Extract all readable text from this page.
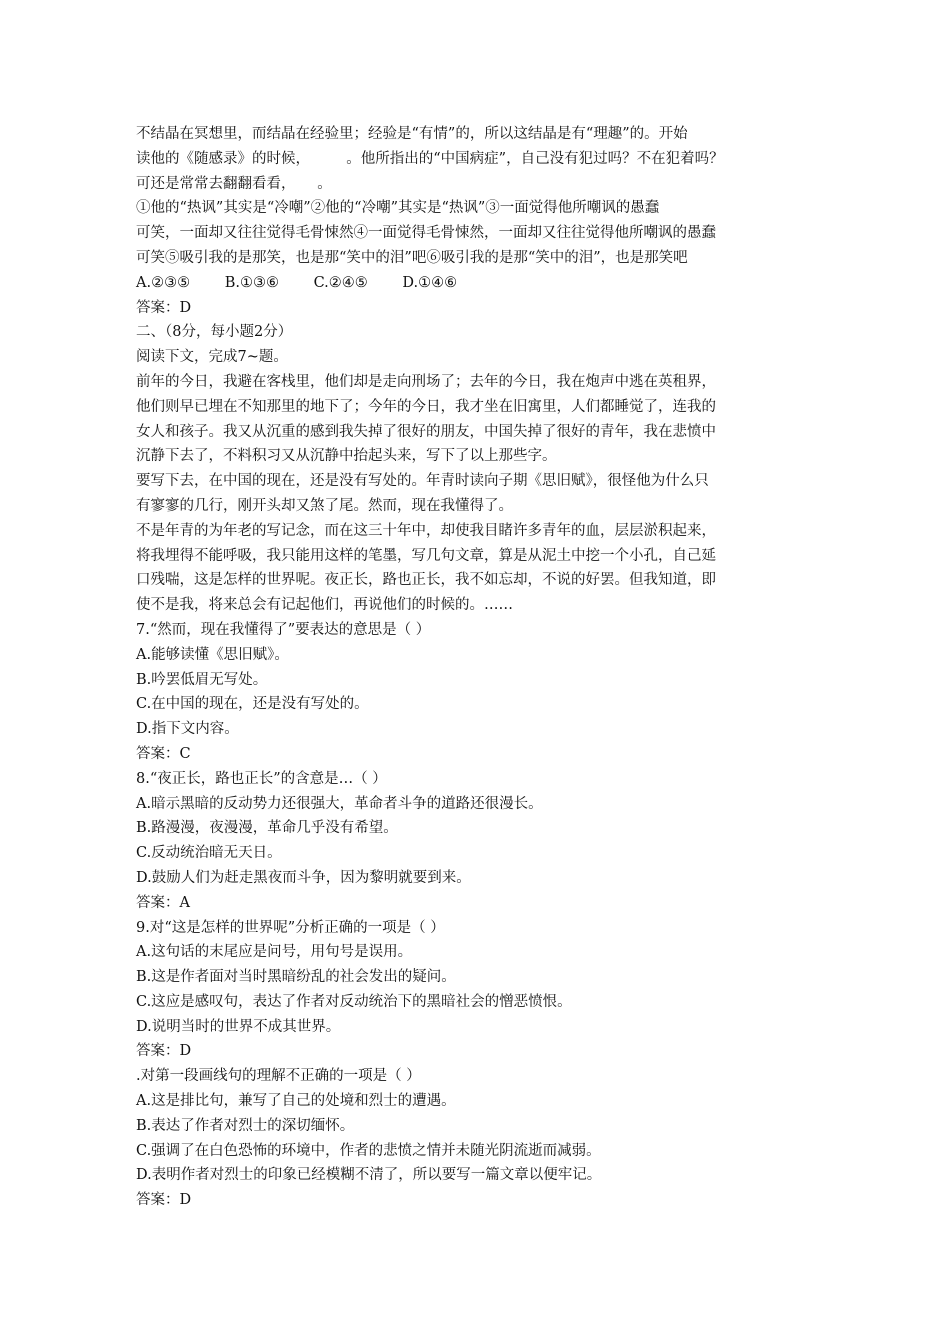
不结晶在冥想里，而结晶在经验里；经验是“有情”的，所以这结晶是有“理趣”的。开始
读他的《随感录》的时候，　　　。他所指出的“中国病症”，自己没有犯过吗？不在犯着吗？
可还是常常去翻翻看看，　　。
①他的“热讽”其实是“冷嘲”②他的“冷嘲”其实是“热讽”③一面觉得他所嘲讽的愚蠢
可笑，一面却又往往觉得毛骨悚然④一面觉得毛骨悚然，一面却又往往觉得他所嘲讽的愚蠢
可笑⑤吸引我的是那笑，也是那“笑中的泪”吧⑥吸引我的是那“笑中的泪”，也是那笑吧
A.②③⑤ B.①③⑥ C.②④⑤ D.①④⑥
答案：D
二、（8分，每小题2分）
阅读下文，完成7~题。
前年的今日，我避在客栈里，他们却是走向刑场了；去年的今日，我在炮声中逃在英租界，
他们则早已埋在不知那里的地下了；今年的今日，我才坐在旧寓里，人们都睡觉了，连我的
女人和孩子。我又从沉重的感到我失掉了很好的朋友，中国失掉了很好的青年，我在悲愤中
沉静下去了，不料积习又从沉静中抬起头来，写下了以上那些字。
要写下去，在中国的现在，还是没有写处的。年青时读向子期《思旧赋》，很怪他为什么只
有寥寥的几行，刚开头却又煞了尾。然而，现在我懂得了。
不是年青的为年老的写记念，而在这三十年中，却使我目睹许多青年的血，层层淤积起来，
将我埋得不能呼吸，我只能用这样的笔墨，写几句文章，算是从泥土中挖一个小孔，自己延
口残喘，这是怎样的世界呢。夜正长，路也正长，我不如忘却，不说的好罢。但我知道，即
使不是我，将来总会有记起他们，再说他们的时候的。……
7.“然而，现在我懂得了”要表达的意思是（ ）
A.能够读懂《思旧赋》。
B.吟罢低眉无写处。
C.在中国的现在，还是没有写处的。
D.指下文内容。
答案：C
8.“夜正长，路也正长”的含意是…（ ）
A.暗示黑暗的反动势力还很强大，革命者斗争的道路还很漫长。
B.路漫漫，夜漫漫，革命几乎没有希望。
C.反动统治暗无天日。
D.鼓励人们为赶走黑夜而斗争，因为黎明就要到来。
答案：A
9.对“这是怎样的世界呢”分析正确的一项是（ ）
A.这句话的末尾应是问号，用句号是误用。
B.这是作者面对当时黑暗纷乱的社会发出的疑问。
C.这应是感叹句，表达了作者对反动统治下的黑暗社会的憎恶愤恨。
D.说明当时的世界不成其世界。
答案：D
.对第一段画线句的理解不正确的一项是（ ）
A.这是排比句，兼写了自己的处境和烈士的遭遇。
B.表达了作者对烈士的深切缅怀。
C.强调了在白色恐怖的环境中，作者的悲愤之情并未随光阴流逝而减弱。
D.表明作者对烈士的印象已经模糊不清了，所以要写一篇文章以便牢记。
答案：D
